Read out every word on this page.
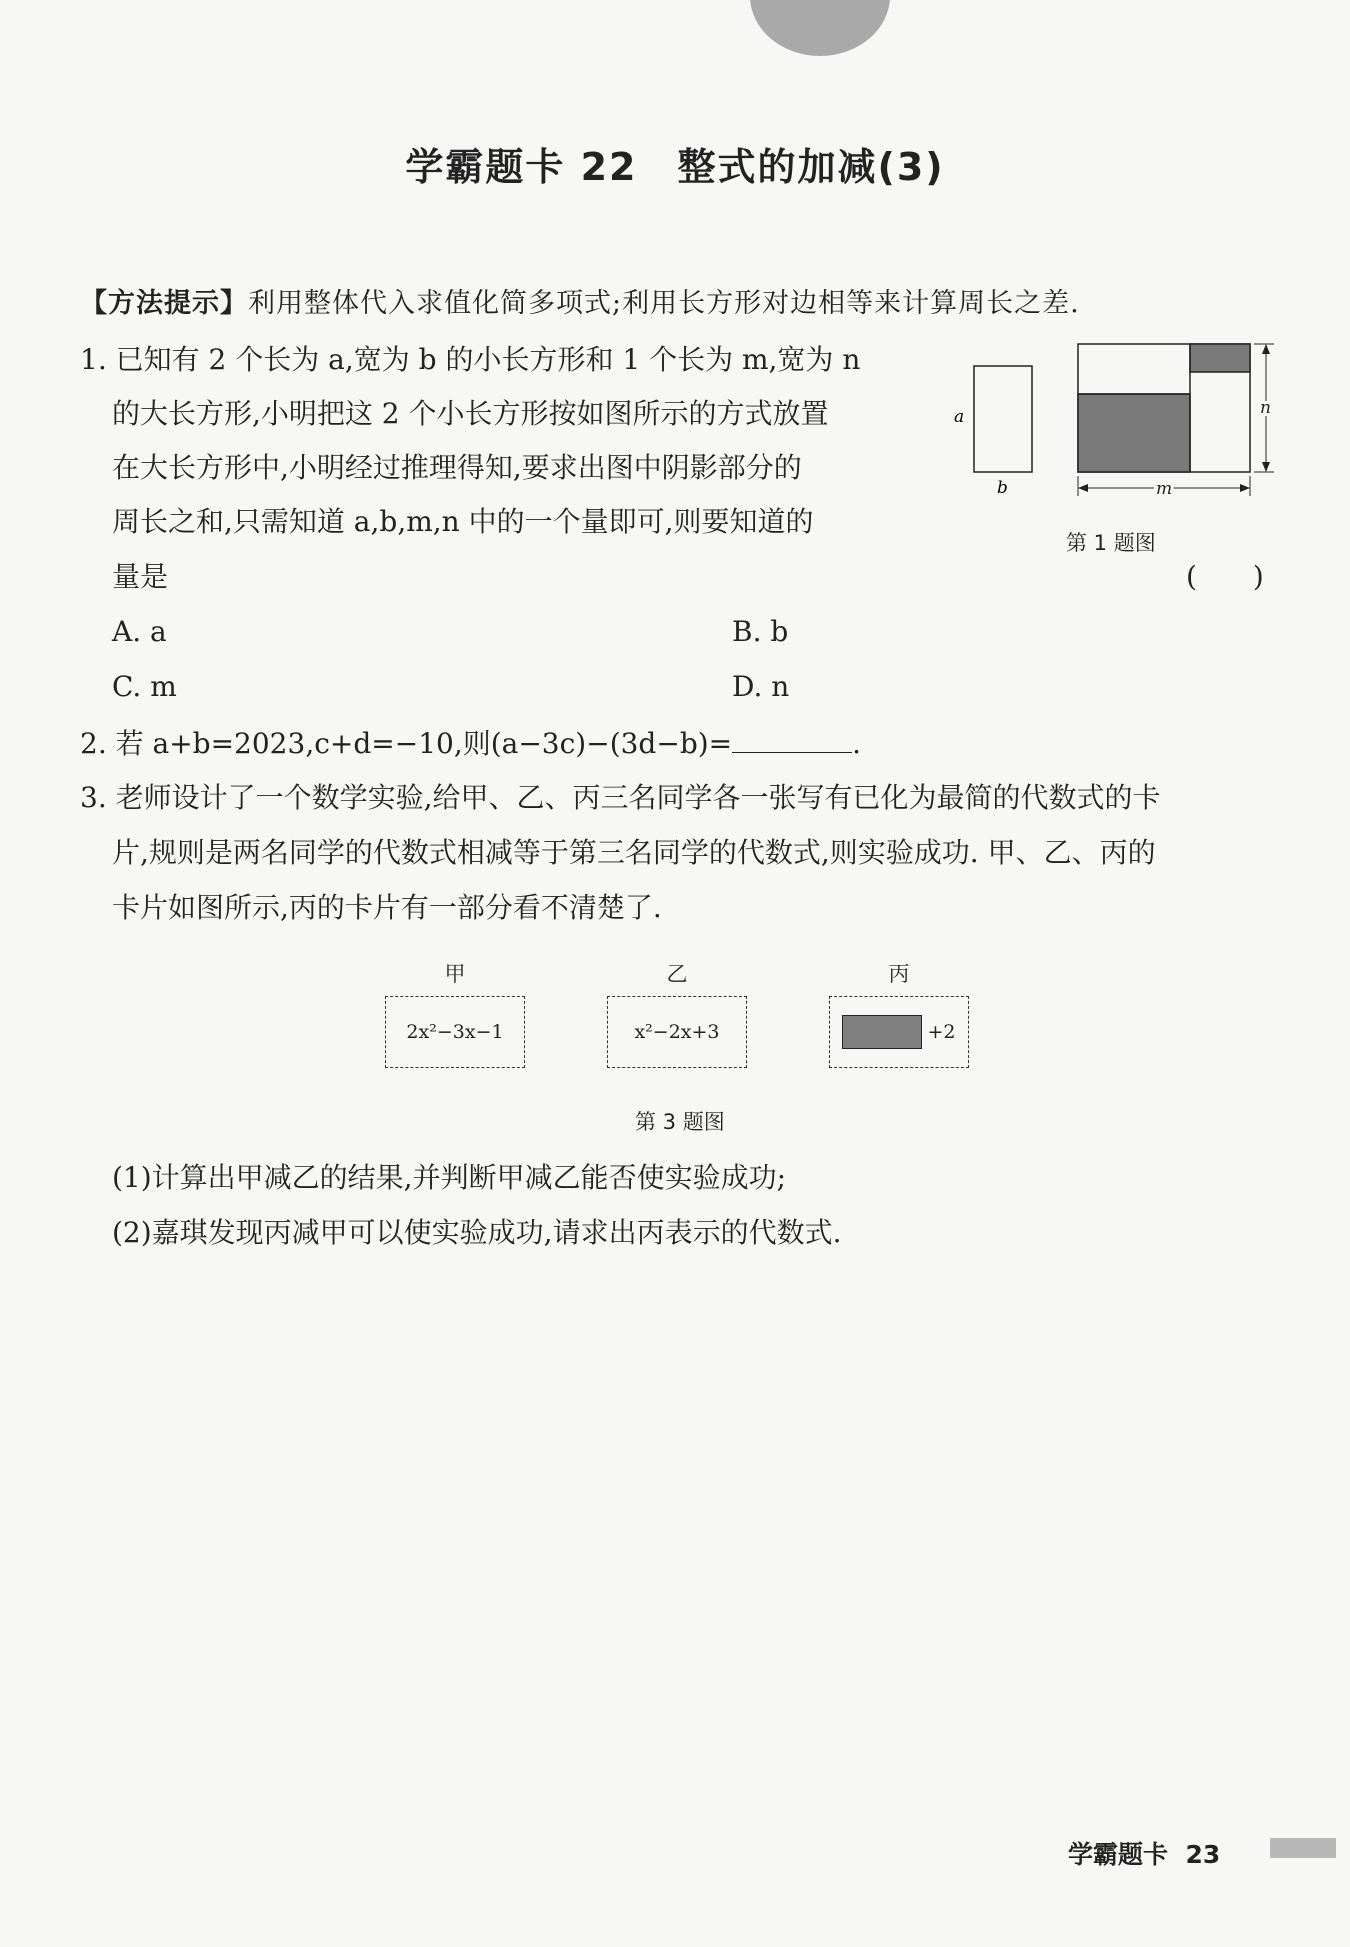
学霸题卡 22　整式的加减(3)
【方法提示】利用整体代入求值化简多项式;利用长方形对边相等来计算周长之差.
1. 已知有 2 个长为 a,宽为 b 的小长方形和 1 个长为 m,宽为 n
的大长方形,小明把这 2 个小长方形按如图所示的方式放置
在大长方形中,小明经过推理得知,要求出图中阴影部分的
周长之和,只需知道 a,b,m,n 中的一个量即可,则要知道的
量是	(　　)
a
b
n
m
第 1 题图
A. a	B. b
C. m	D. n
2. 若 a+b=2023,c+d=−10,则(a−3c)−(3d−b)=	.
3. 老师设计了一个数学实验,给甲、乙、丙三名同学各一张写有已化为最简的代数式的卡
片,规则是两名同学的代数式相减等于第三名同学的代数式,则实验成功. 甲、乙、丙的
卡片如图所示,丙的卡片有一部分看不清楚了.
甲
2x²−3x−1
乙
x²−2x+3
丙
+2
第 3 题图
(1)计算出甲减乙的结果,并判断甲减乙能否使实验成功;
(2)嘉琪发现丙减甲可以使实验成功,请求出丙表示的代数式.
学霸题卡 23
